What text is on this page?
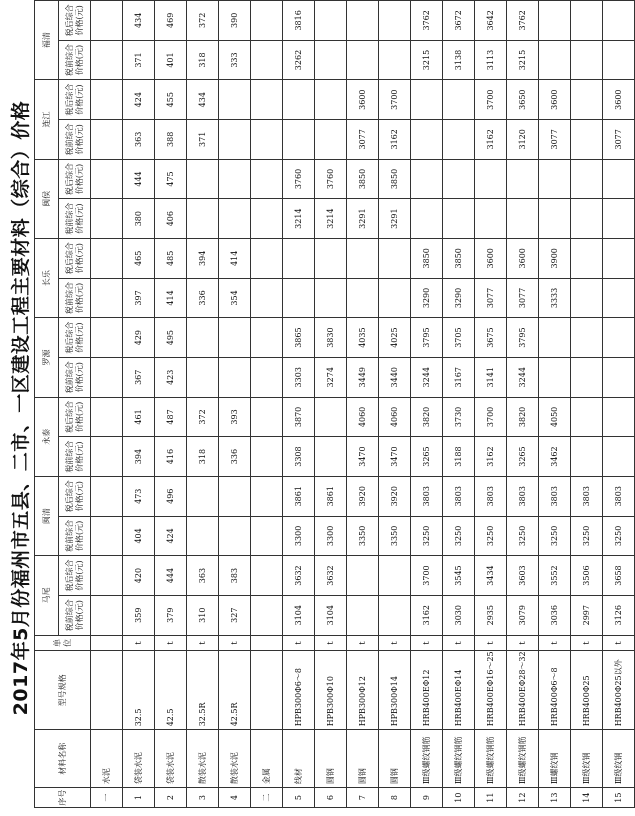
2017年5月份福州市五县、二市、一区建设工程主要材料（综合）价格
序号	材料名称	型号规格	单位	马尾		闽清		永泰		罗源		长乐		闽侯		连江		福清	
				税前综合价格(元)	税后综合价格(元)	税前综合价格(元)	税后综合价格(元)	税前综合价格(元)	税后综合价格(元)	税前综合价格(元)	税后综合价格(元)	税前综合价格(元)	税后综合价格(元)	税前综合价格(元)	税后综合价格(元)	税前综合价格(元)	税后综合价格(元)	税前综合价格(元)	税后综合价格(元)
一	水泥																		
1	袋装水泥	32.5	t	359	420	404	473	394	461	367	429	397	465	380	444	363	424	371	434
2	袋装水泥	42.5	t	379	444	424	496	416	487	423	495	414	485	406	475	388	455	401	469
3	散装水泥	32.5R	t	310	363			318	372			336	394			371	434	318	372
4	散装水泥	42.5R	t	327	383			336	393			354	414					333	390
二	金属																		
5	线材	HPB300Φ6～8	t	3104	3632	3300	3861	3308	3870	3303	3865			3214	3760			3262	3816
6	圆钢	HPB300Φ10	t	3104	3632	3300	3861			3274	3830			3214	3760				
7	圆钢	HPB300Φ12	t			3350	3920	3470	4060	3449	4035			3291	3850	3077	3600		
8	圆钢	HPB300Φ14	t			3350	3920	3470	4060	3440	4025			3291	3850	3162	3700		
9	Ⅲ级螺纹钢筋	HRB400EΦ12	t	3162	3700	3250	3803	3265	3820	3244	3795	3290	3850					3215	3762
10	Ⅲ级螺纹钢筋	HRB400EΦ14	t	3030	3545	3250	3803	3188	3730	3167	3705	3290	3850					3138	3672
11	Ⅲ级螺纹钢筋	HRB400EΦ16～25	t	2935	3434	3250	3803	3162	3700	3141	3675	3077	3600			3162	3700	3113	3642
12	Ⅲ级螺纹钢筋	HRB400EΦ28～32	t	3079	3603	3250	3803	3265	3820	3244	3795	3077	3600			3120	3650	3215	3762
13	Ⅲ螺纹钢	HRB400Φ6～8	t	3036	3552	3250	3803	3462	4050			3333	3900			3077	3600		
14	Ⅲ级纹钢	HRB400Φ25	t	2997	3506	3250	3803												
15	Ⅲ级纹钢	HRB400Φ25以外	t	3126	3658	3250	3803									3077	3600		
